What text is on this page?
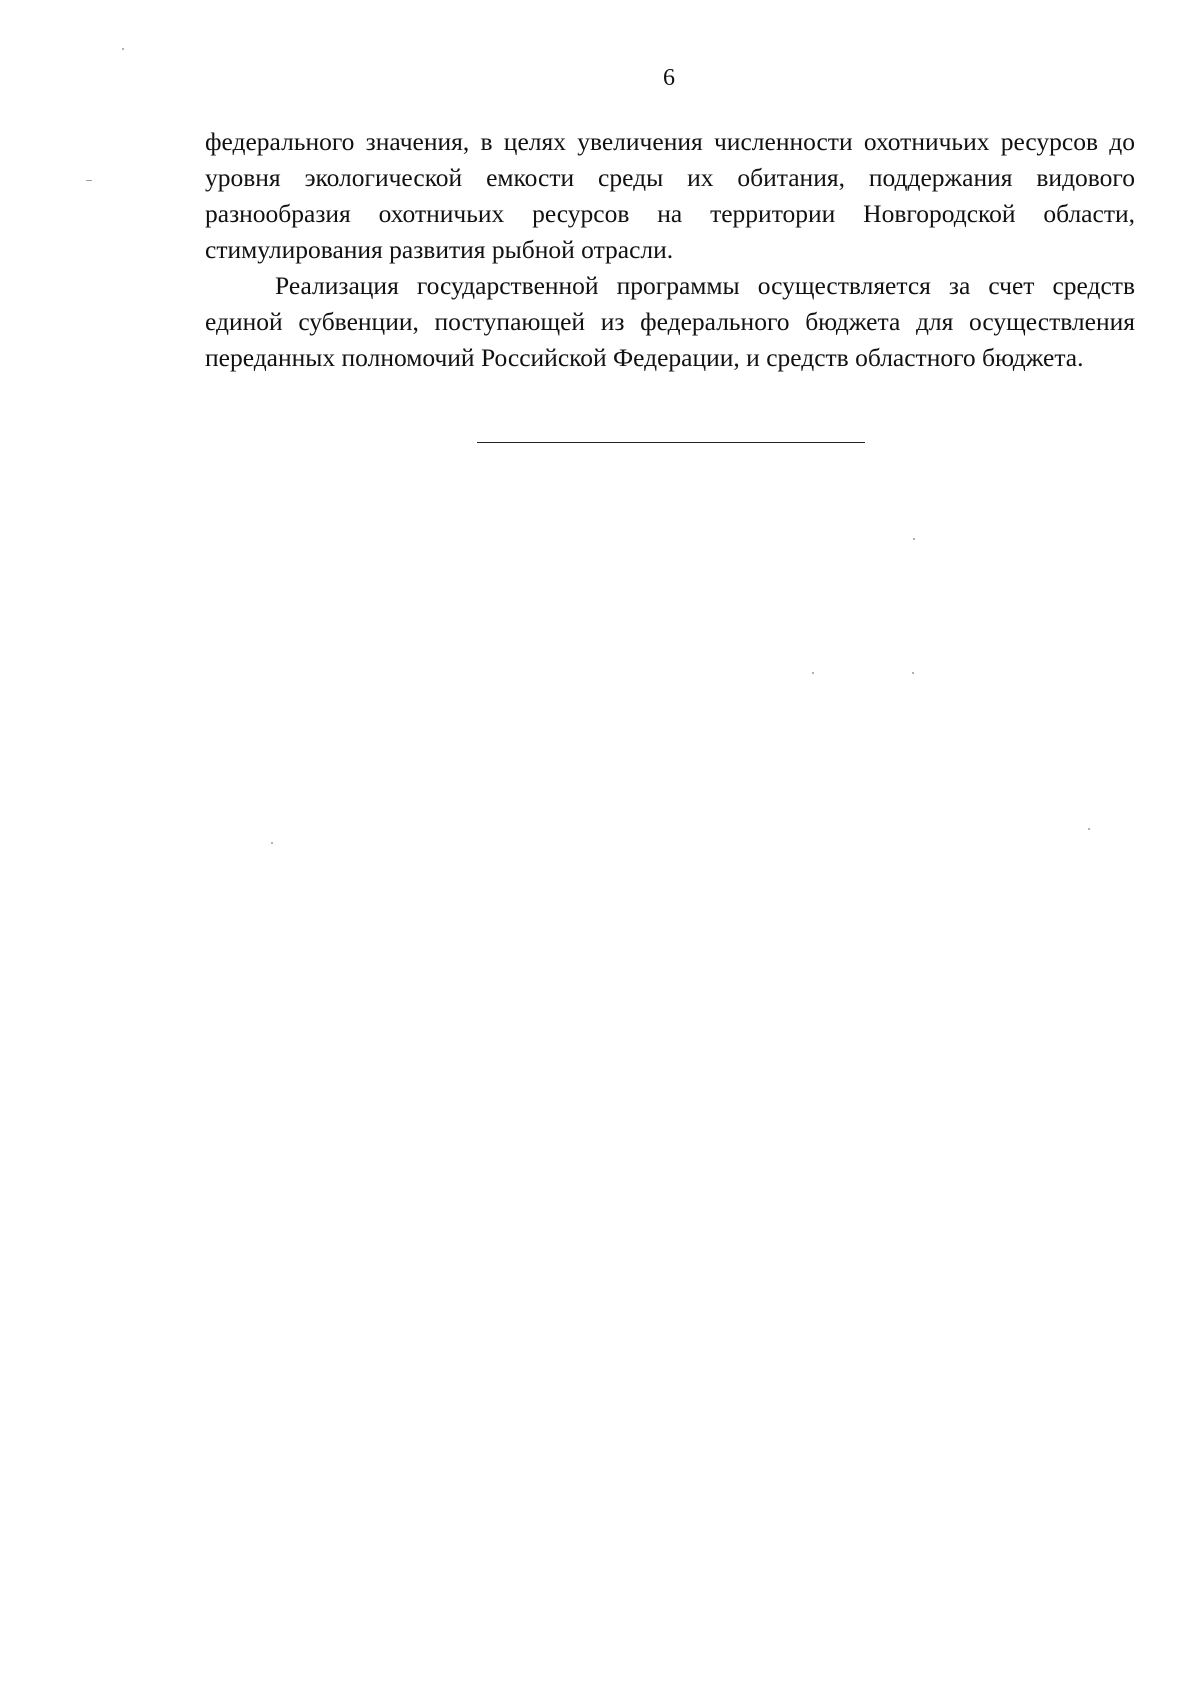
6

федерального значения, в целях увеличения численности охотничьих ресурсов до уровня экологической емкости среды их обитания, поддержания видового разнообразия охотничьих ресурсов на территории Новгородской области, стимулирования развития рыбной отрасли.

Реализация государственной программы осуществляется за счет средств единой субвенции, поступающей из федерального бюджета для осуществления переданных полномочий Российской Федерации, и средств областного бюджета.
